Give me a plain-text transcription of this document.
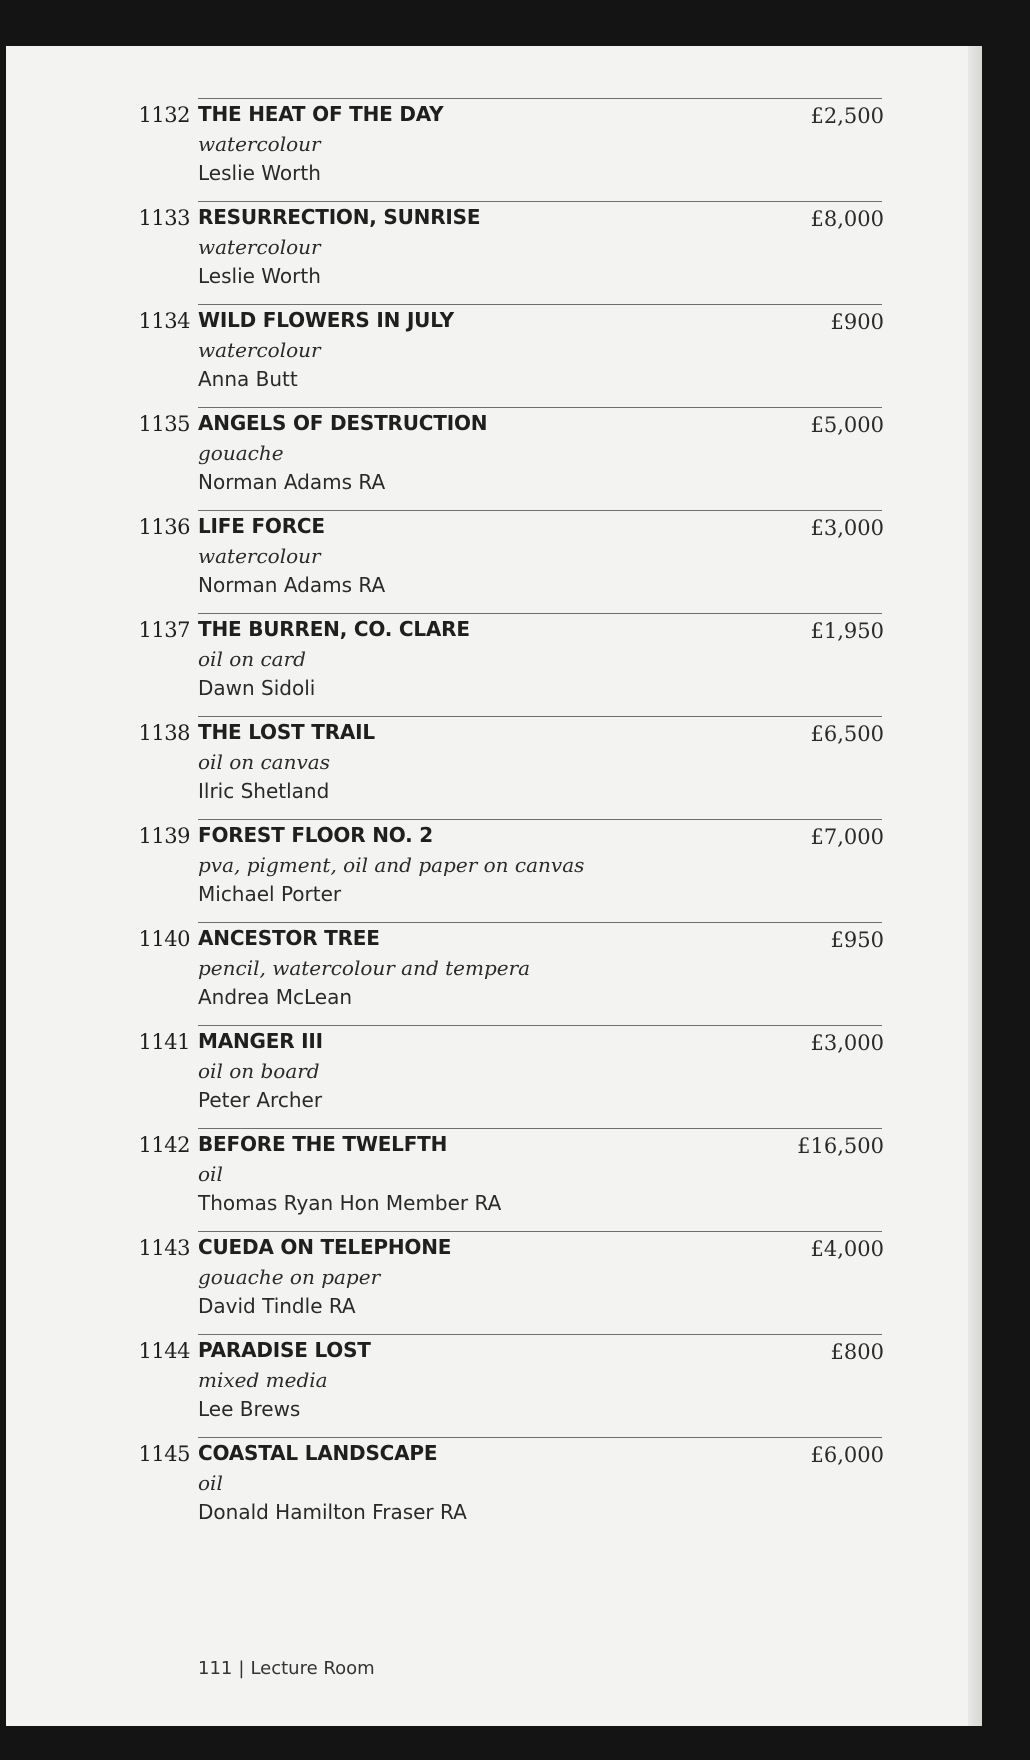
1132 THE HEAT OF THE DAY
watercolour
Leslie Worth
£2,500
1133 RESURRECTION, SUNRISE
watercolour
Leslie Worth
£8,000
1134 WILD FLOWERS IN JULY
watercolour
Anna Butt
£900
1135 ANGELS OF DESTRUCTION
gouache
Norman Adams RA
£5,000
1136 LIFE FORCE
watercolour
Norman Adams RA
£3,000
1137 THE BURREN, CO. CLARE
oil on card
Dawn Sidoli
£1,950
1138 THE LOST TRAIL
oil on canvas
Ilric Shetland
£6,500
1139 FOREST FLOOR NO. 2
pva, pigment, oil and paper on canvas
Michael Porter
£7,000
1140 ANCESTOR TREE
pencil, watercolour and tempera
Andrea McLean
£950
1141 MANGER III
oil on board
Peter Archer
£3,000
1142 BEFORE THE TWELFTH
oil
Thomas Ryan Hon Member RA
£16,500
1143 CUEDA ON TELEPHONE
gouache on paper
David Tindle RA
£4,000
1144 PARADISE LOST
mixed media
Lee Brews
£800
1145 COASTAL LANDSCAPE
oil
Donald Hamilton Fraser RA
£6,000
111 | Lecture Room
